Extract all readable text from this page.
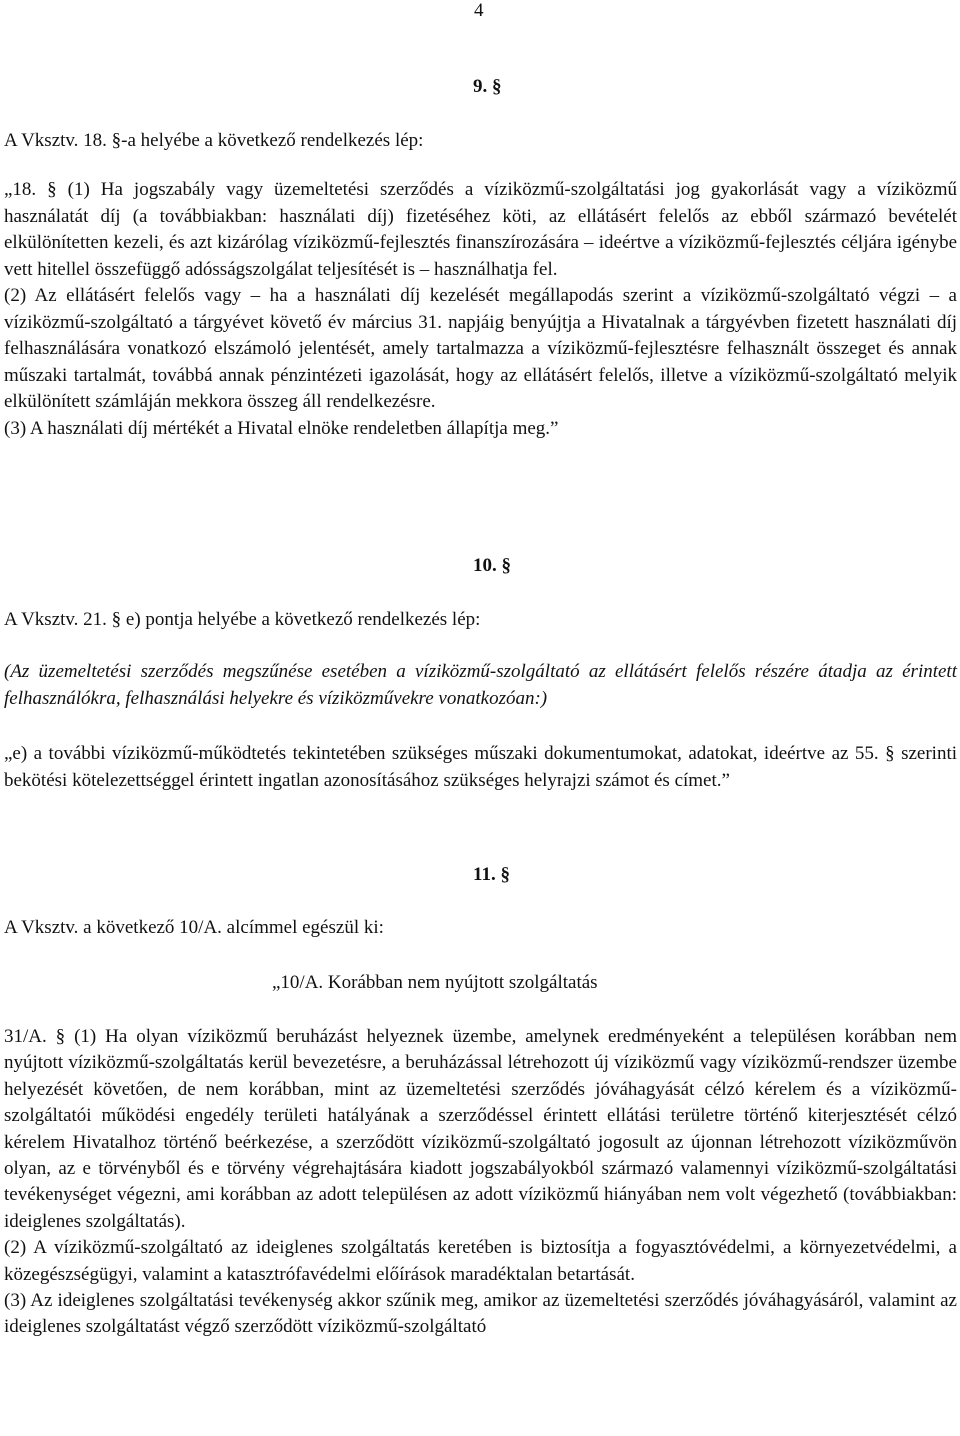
4
9. §
A Vksztv. 18. §-a helyébe a következő rendelkezés lép:

„18. § (1) Ha jogszabály vagy üzemeltetési szerződés a víziközmű-szolgáltatási jog gyakorlását vagy a víziközmű használatát díj (a továbbiakban: használati díj) fizetéséhez köti, az ellátásért felelős az ebből származó bevételét elkülönítetten kezeli, és azt kizárólag víziközmű-fejlesztés finanszírozására – ideértve a víziközmű-fejlesztés céljára igénybe vett hitellel összefüggő adósságszolgálat teljesítését is – használhatja fel.

(2) Az ellátásért felelős vagy – ha a használati díj kezelését megállapodás szerint a víziközmű-szolgáltató végzi – a víziközmű-szolgáltató a tárgyévet követő év március 31. napjáig benyújtja a Hivatalnak a tárgyévben fizetett használati díj felhasználására vonatkozó elszámoló jelentését, amely tartalmazza a víziközmű-fejlesztésre felhasznált összeget és annak műszaki tartalmát, továbbá annak pénzintézeti igazolását, hogy az ellátásért felelős, illetve a víziközmű-szolgáltató melyik elkülönített számláján mekkora összeg áll rendelkezésre.

(3) A használati díj mértékét a Hivatal elnöke rendeletben állapítja meg.”

10. §
A Vksztv. 21. § e) pontja helyébe a következő rendelkezés lép:

(Az üzemeltetési szerződés megszűnése esetében a víziközmű-szolgáltató az ellátásért felelős részére átadja az érintett felhasználókra, felhasználási helyekre és víziközművekre vonatkozóan:)

„e) a további víziközmű-működtetés tekintetében szükséges műszaki dokumentumokat, adatokat, ideértve az 55. § szerinti bekötési kötelezettséggel érintett ingatlan azonosításához szükséges helyrajzi számot és címet.”

11. §
A Vksztv. a következő 10/A. alcímmel egészül ki:
„10/A. Korábban nem nyújtott szolgáltatás

31/A. § (1) Ha olyan víziközmű beruházást helyeznek üzembe, amelynek eredményeként a településen korábban nem nyújtott víziközmű-szolgáltatás kerül bevezetésre, a beruházással létrehozott új víziközmű vagy víziközmű-rendszer üzembe helyezését követően, de nem korábban, mint az üzemeltetési szerződés jóváhagyását célzó kérelem és a víziközmű-szolgáltatói működési engedély területi hatályának a szerződéssel érintett ellátási területre történő kiterjesztését célzó kérelem Hivatalhoz történő beérkezése, a szerződött víziközmű-szolgáltató jogosult az újonnan létrehozott víziközművön olyan, az e törvényből és e törvény végrehajtására kiadott jogszabályokból származó valamennyi víziközmű-szolgáltatási tevékenységet végezni, ami korábban az adott településen az adott víziközmű hiányában nem volt végezhető (továbbiakban: ideiglenes szolgáltatás).

(2) A víziközmű-szolgáltató az ideiglenes szolgáltatás keretében is biztosítja a fogyasztóvédelmi, a környezetvédelmi, a közegészségügyi, valamint a katasztrófavédelmi előírások maradéktalan betartását.

(3) Az ideiglenes szolgáltatási tevékenység akkor szűnik meg, amikor az üzemeltetési szerződés jóváhagyásáról, valamint az ideiglenes szolgáltatást végző szerződött víziközmű-szolgáltató
